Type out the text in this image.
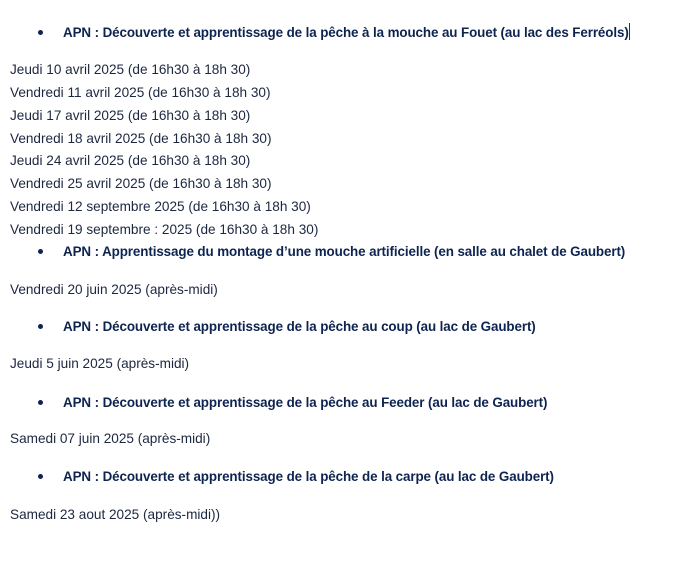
APN : Découverte et apprentissage de la pêche à la mouche au Fouet (au lac des Ferréols)
Jeudi 10 avril 2025 (de 16h30 à 18h 30)
Vendredi 11 avril 2025 (de 16h30 à 18h 30)
Jeudi 17 avril 2025 (de 16h30 à 18h 30)
Vendredi 18 avril 2025 (de 16h30 à 18h 30)
Jeudi 24 avril 2025 (de 16h30 à 18h 30)
Vendredi 25 avril 2025 (de 16h30 à 18h 30)
Vendredi 12 septembre 2025 (de 16h30 à 18h 30)
Vendredi 19 septembre : 2025 (de 16h30 à 18h 30)
APN : Apprentissage du montage d’une mouche artificielle (en salle au chalet de Gaubert)
Vendredi 20 juin 2025 (après-midi)
APN : Découverte et apprentissage de la pêche au coup (au lac de Gaubert)
Jeudi 5 juin 2025 (après-midi)
APN : Découverte et apprentissage de la pêche au Feeder (au lac de Gaubert)
Samedi 07 juin 2025 (après-midi)
APN : Découverte et apprentissage de la pêche de la carpe (au lac de Gaubert)
Samedi 23 aout 2025 (après-midi))
